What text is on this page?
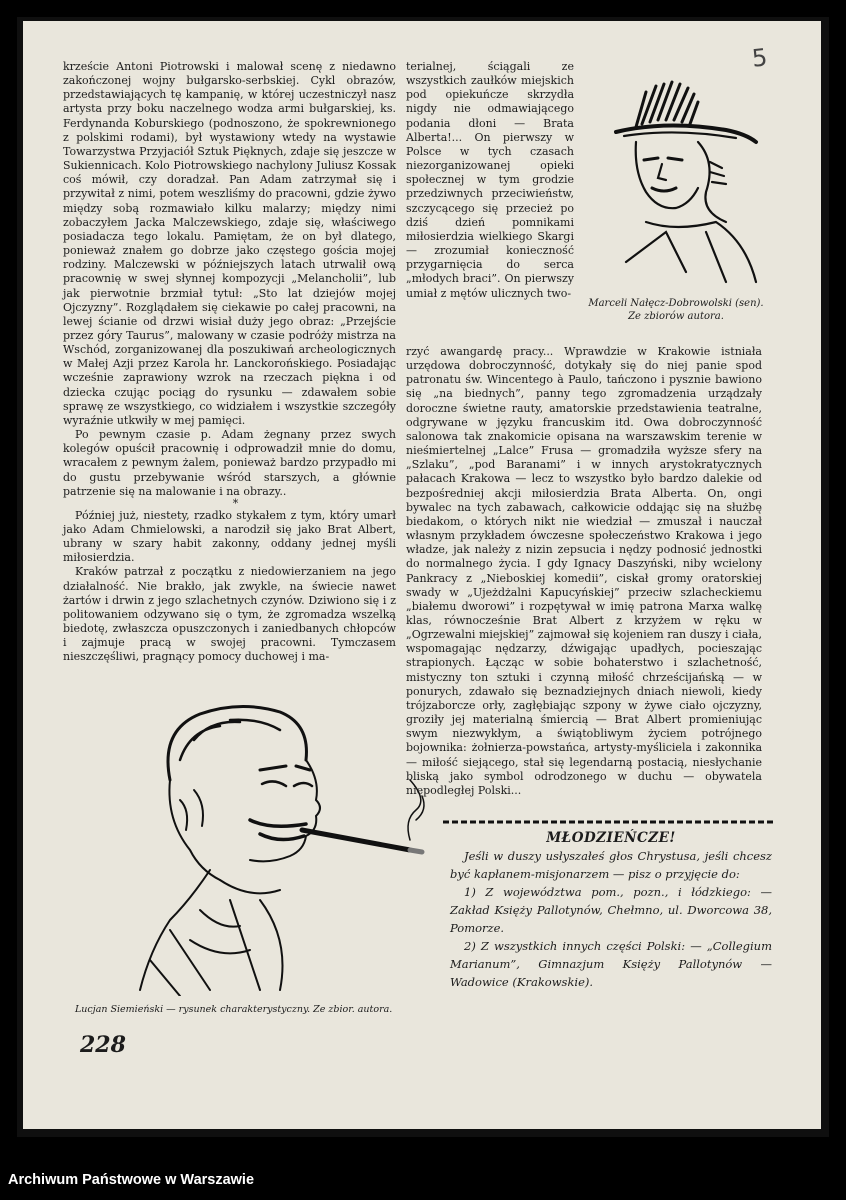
5

krzeście Antoni Piotrowski i malował scenę z niedawno zakończonej wojny bułgarsko-serbskiej. Cykl obrazów, przedstawiających tę kampanię, w której uczestniczył nasz artysta przy boku naczelnego wodza armi bułgarskiej, ks. Ferdynanda Koburskiego (podnoszono, że spokrewnionego z polskimi rodami), był wystawiony wtedy na wystawie Towarzystwa Przyjaciół Sztuk Pięknych, zdaje się jeszcze w Sukiennicach. Kolo Piotrowskiego nachylony Juliusz Kossak coś mówił, czy doradzał. Pan Adam zatrzymał się i przywitał z nimi, potem weszliśmy do pracowni, gdzie żywo między sobą rozmawiało kilku malarzy; między nimi zobaczyłem Jacka Malczewskiego, zdaje się, właściwego posiadacza tego lokalu. Pamiętam, że on był dlatego, ponieważ znałem go dobrze jako częstego gościa mojej rodziny. Malczewski w późniejszych latach utrwalił ową pracownię w swej słynnej kompozycji „Melancholii”, lub jak pierwotnie brzmiał tytuł: „Sto lat dziejów mojej Ojczyzny”. Rozglądałem się ciekawie po całej pracowni, na lewej ścianie od drzwi wisiał duży jego obraz: „Przejście przez góry Taurus”, malowany w czasie podróży mistrza na Wschód, zorganizowanej dla poszukiwań archeologicznych w Małej Azji przez Karola hr. Lanckorońskiego. Posiadając wcześnie zaprawiony wzrok na rzeczach piękna i od dziecka czując pociąg do rysunku — zdawałem sobie sprawę ze wszystkiego, co widziałem i wszystkie szczegóły wyraźnie utkwiły w mej pamięci.

Po pewnym czasie p. Adam żegnany przez swych kolegów opuścił pracownię i odprowadził mnie do domu, wracałem z pewnym żalem, ponieważ bardzo przypadło mi do gustu przebywanie wśród starszych, a głównie patrzenie się na malowanie i na obrazy..

*

Później już, niestety, rzadko stykałem z tym, który umarł jako Adam Chmielowski, a narodził się jako Brat Albert, ubrany w szary habit zakonny, oddany jednej myśli miłosierdzia.

Kraków patrzał z początku z niedowierzaniem na jego działalność. Nie brakło, jak zwykle, na świecie nawet żartów i drwin z jego szlachetnych czynów. Dziwiono się i z politowaniem odzywano się o tym, że zgromadza wszelką biedotę, zwłaszcza opuszczonych i zaniedbanych chłopców i zajmuje pracą w swojej pracowni. Tymczasem nieszczęśliwi, pragnący pomocy duchowej i ma-

terialnej, ściągali ze wszystkich zaułków miejskich pod opiekuńcze skrzydła nigdy nie odmawiającego podania dłoni — Brata Alberta!... On pierwszy w Polsce w tych czasach niezorganizowanej opieki społecznej w tym grodzie przedziwnych przeciwieństw, szczycącego się przecież po dziś dzień pomnikami miłosierdzia wielkiego Skargi — zrozumiał konieczność przygarnięcia do serca „młodych braci”. On pierwszy umiał z mętów ulicznych two-

rzyć awangardę pracy... Wprawdzie w Krakowie istniała urzędowa dobroczynność, dotykały się do niej panie spod patronatu św. Wincentego à Paulo, tańczono i pysznie bawiono się „na biednych”, panny tego zgromadzenia urządzały doroczne świetne rauty, amatorskie przedstawienia teatralne, odgrywane w języku francuskim itd. Owa dobroczynność salonowa tak znakomicie opisana na warszawskim terenie w nieśmiertelnej „Lalce” Frusa — gromadziła wyższe sfery na „Szlaku”, „pod Baranami” i w innych arystokratycznych pałacach Krakowa — lecz to wszystko było bardzo dalekie od bezpośredniej akcji miłosierdzia Brata Alberta. On, ongi bywalec na tych zabawach, całkowicie oddając się na służbę biedakom, o których nikt nie wiedział — zmuszał i nauczał własnym przykładem ówczesne społeczeństwo Krakowa i jego władze, jak należy z nizin zepsucia i nędzy podnosić jednostki do normalnego życia. I gdy Ignacy Daszyński, niby wcielony Pankracy z „Nieboskiej komedii”, ciskał gromy oratorskiej swady w „Ujeżdżalni Kapucyńskiej” przeciw szlacheckiemu „białemu dworowi” i rozpętywał w imię patrona Marxa walkę klas, równocześnie Brat Albert z krzyżem w ręku w „Ogrzewalni miejskiej” zajmował się kojeniem ran duszy i ciała, wspomagając nędzarzy, dźwigając upadłych, pocieszając strapionych. Łącząc w sobie bohaterstwo i szlachetność, mistyczny ton sztuki i czynną miłość chrześcijańską — w ponurych, zdawało się beznadziejnych dniach niewoli, kiedy trójzaborcze orły, zagłębiając szpony w żywe ciało ojczyzny, groziły jej materialną śmiercią — Brat Albert promieniując swym niezwykłym, a świątobliwym życiem potrójnego bojownika: żołnierza-powstańca, artysty-myśliciela i zakonnika — miłość siejącego, stał się legendarną postacią, niesłychanie bliską jako symbol odrodzonego w duchu — obywatela niepodległej Polski...

Marceli Nałęcz-Dobrowolski (sen). Ze zbiorów autora.
Lucjan Siemieński — rysunek charakterystyczny. Ze zbior. autora.
MŁODZIEŃCZE!

Jeśli w duszy usłyszałeś głos Chrystusa, jeśli chcesz być kapłanem-misjonarzem — pisz o przyjęcie do:

1) Z województwa pom., pozn., i łódzkiego: — Zakład Księży Pallotynów, Chełmno, ul. Dworcowa 38, Pomorze.

2) Z wszystkich innych części Polski: — „Collegium Marianum”, Gimnazjum Księży Pallotynów — Wadowice (Krakowskie).

228
Archiwum Państwowe w Warszawie
